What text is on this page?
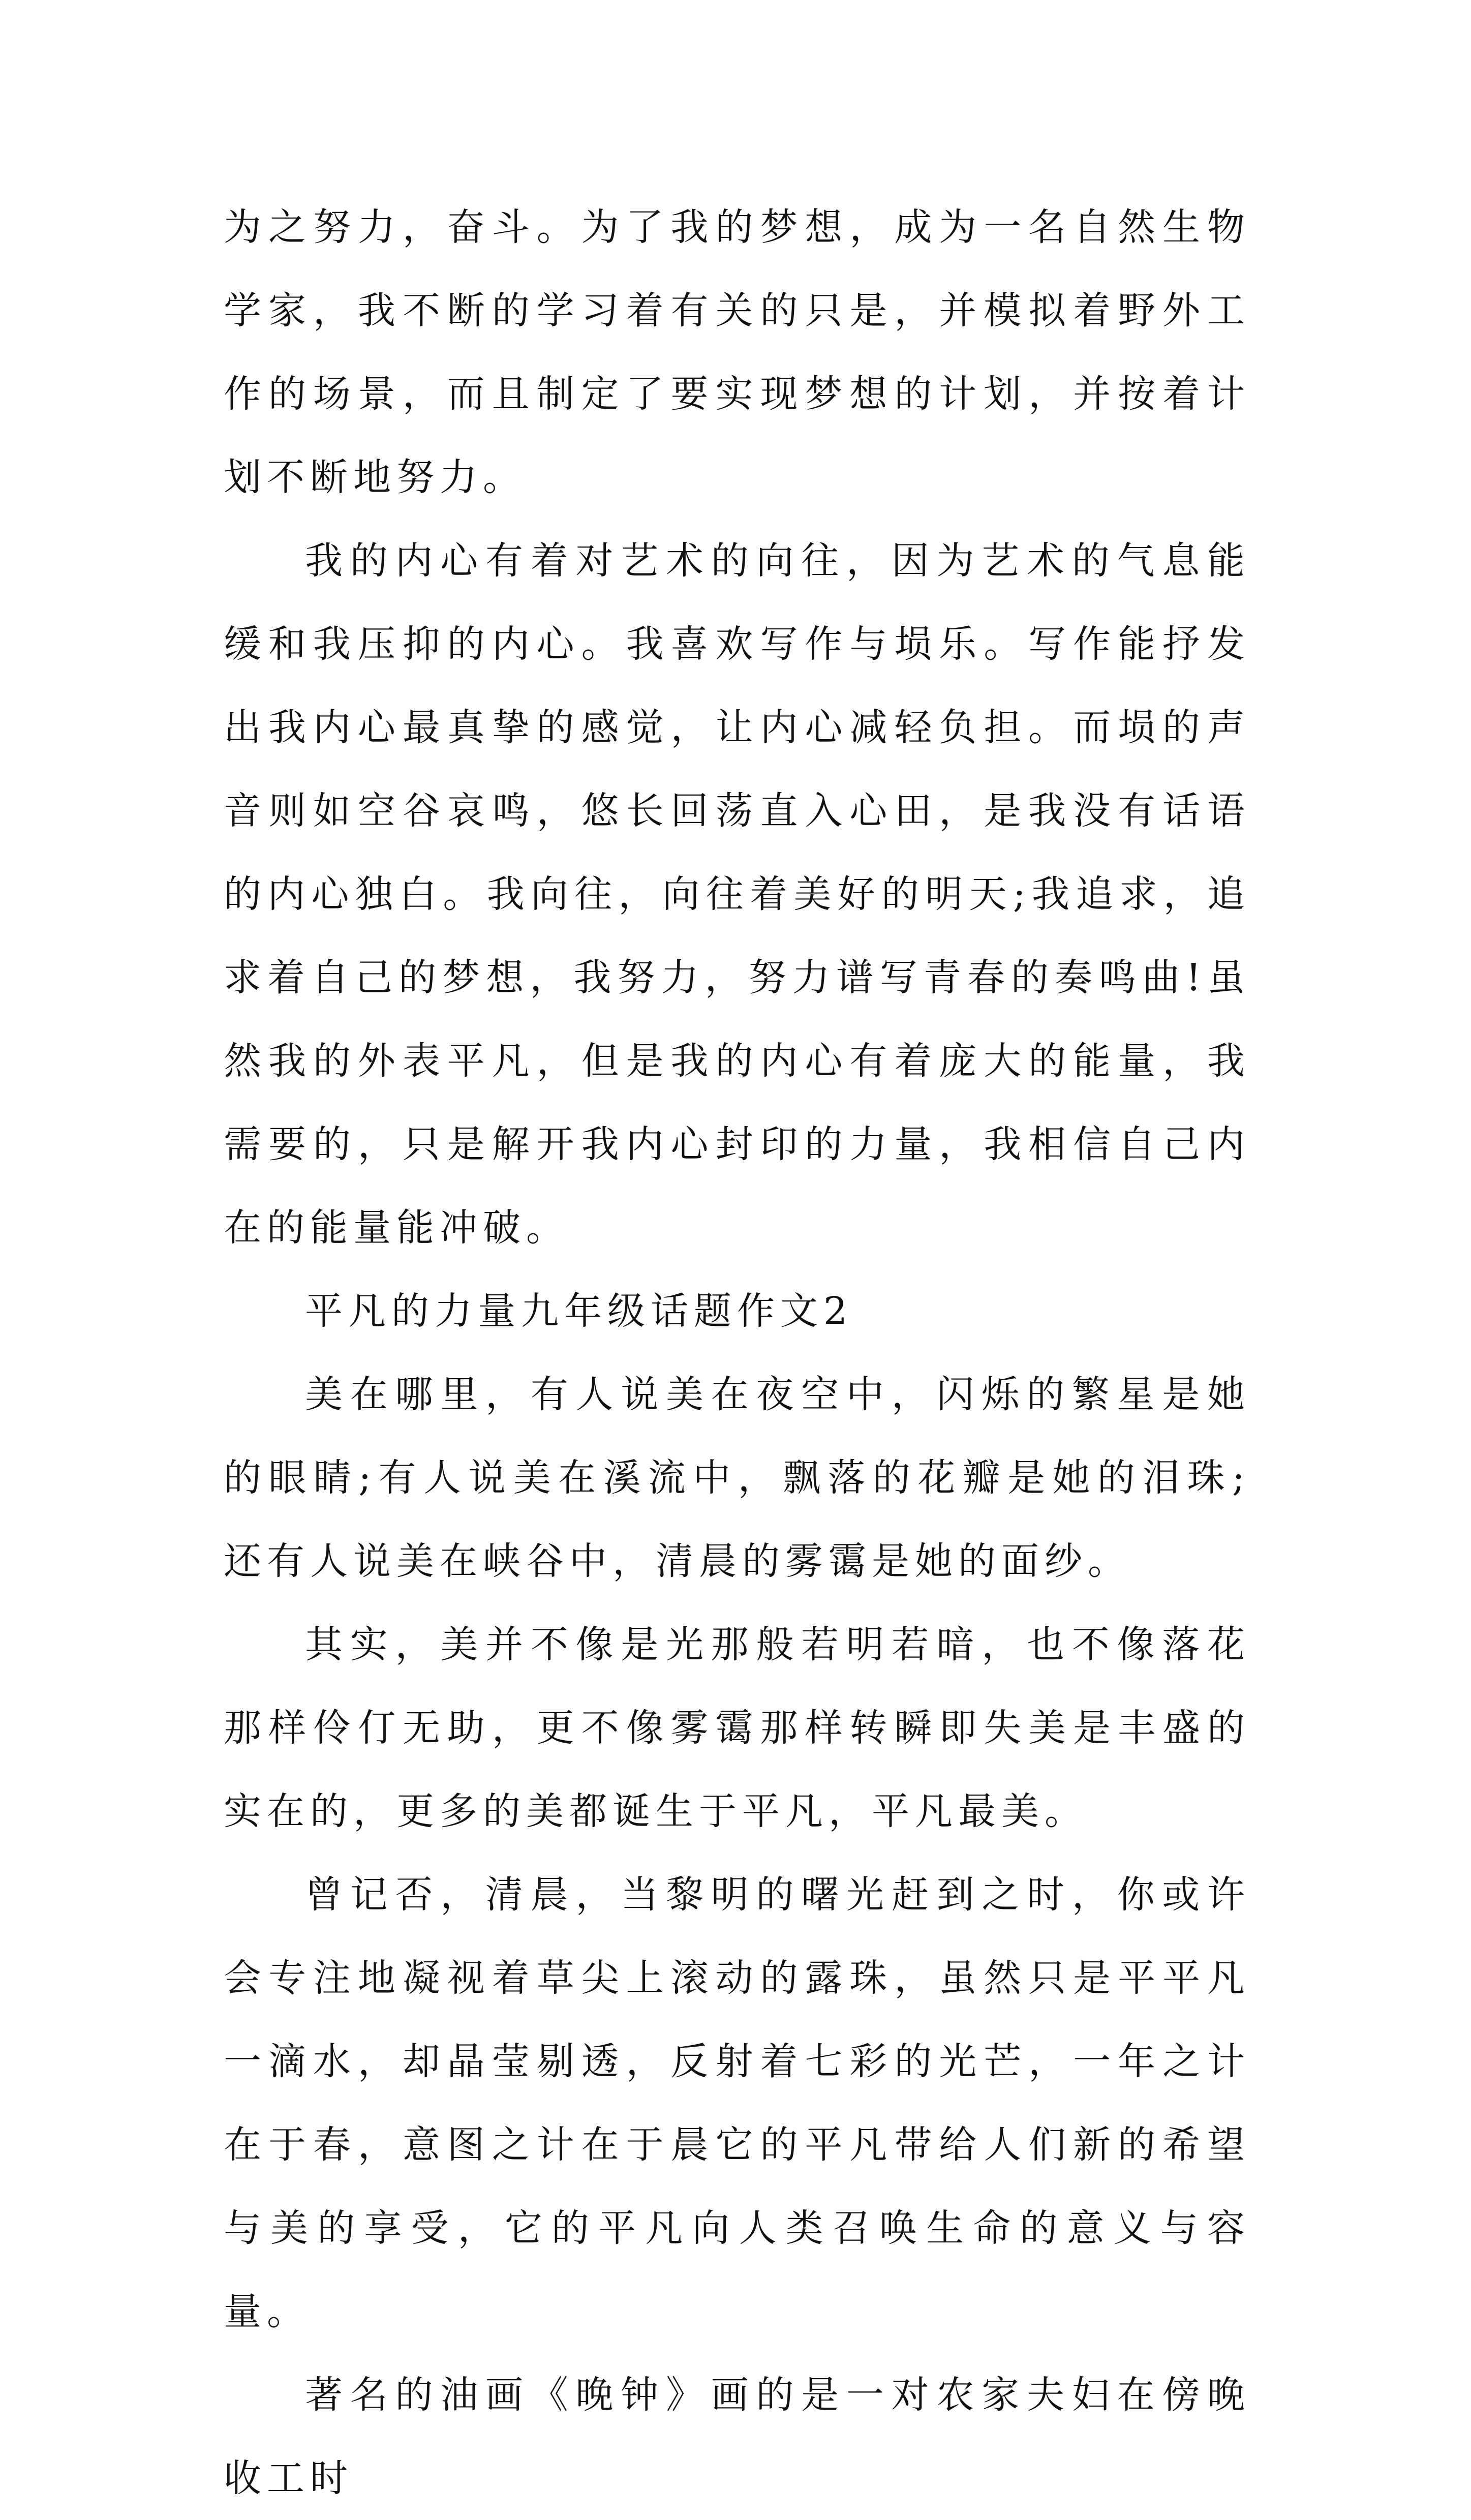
为之努力，奋斗。为了我的梦想，成为一名自然生物学家，我不断的学习着有关的只是，并模拟着野外工作的场景，而且制定了要实现梦想的计划，并按着计划不断地努力。

我的内心有着对艺术的向往，因为艺术的气息能缓和我压抑的内心。我喜欢写作与埙乐。写作能抒发出我内心最真挚的感觉，让内心减轻负担。而埙的声音则如空谷哀鸣，悠长回荡直入心田，是我没有话语的内心独白。我向往，向往着美好的明天;我追求，追求着自己的梦想，我努力，努力谱写青春的奏鸣曲!虽然我的外表平凡，但是我的内心有着庞大的能量，我需要的，只是解开我内心封印的力量，我相信自己内在的能量能冲破。

平凡的力量九年级话题作文2

美在哪里，有人说美在夜空中，闪烁的繁星是她的眼睛;有人说美在溪流中，飘落的花瓣是她的泪珠;还有人说美在峡谷中，清晨的雾霭是她的面纱。

其实，美并不像是光那般若明若暗，也不像落花那样伶仃无助，更不像雾霭那样转瞬即失美是丰盛的实在的，更多的美都诞生于平凡，平凡最美。

曾记否，清晨，当黎明的曙光赶到之时，你或许会专注地凝视着草尖上滚动的露珠，虽然只是平平凡一滴水，却晶莹剔透，反射着七彩的光芒，一年之计在于春，意图之计在于晨它的平凡带给人们新的希望与美的享受，它的平凡向人类召唤生命的意义与容量。

著名的油画《晚钟》画的是一对农家夫妇在傍晚收工时
